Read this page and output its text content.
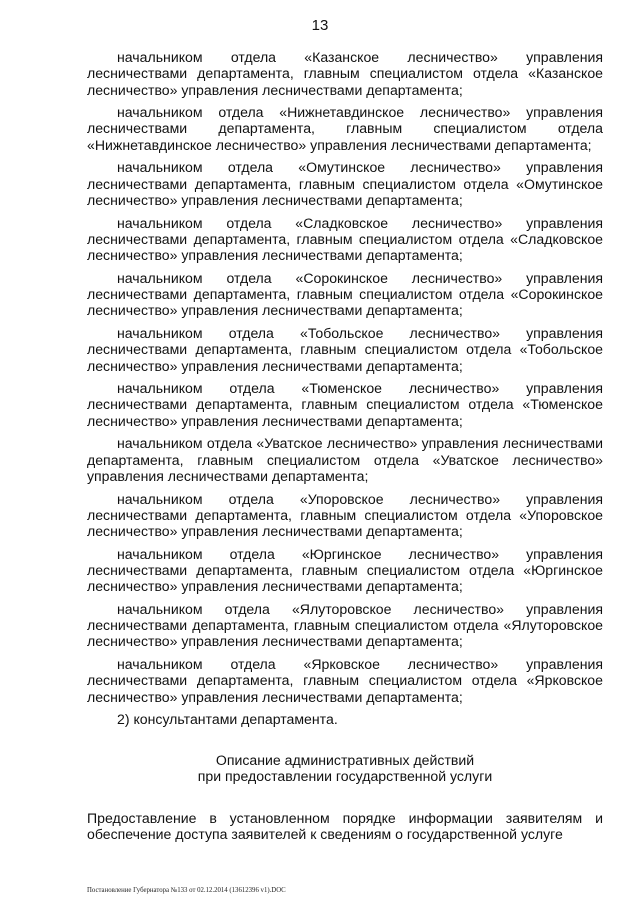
13

начальником отдела «Казанское лесничество» управления лесничествами департамента, главным специалистом отдела «Казанское лесничество» управления лесничествами департамента;

начальником отдела «Нижнетавдинское лесничество» управления лесничествами департамента, главным специалистом отдела «Нижнетавдинское лесничество» управления лесничествами департамента;

начальником отдела «Омутинское лесничество» управления лесничествами департамента, главным специалистом отдела «Омутинское лесничество» управления лесничествами департамента;

начальником отдела «Сладковское лесничество» управления лесничествами департамента, главным специалистом отдела «Сладковское лесничество» управления лесничествами департамента;

начальником отдела «Сорокинское лесничество» управления лесничествами департамента, главным специалистом отдела «Сорокинское лесничество» управления лесничествами департамента;

начальником отдела «Тобольское лесничество» управления лесничествами департамента, главным специалистом отдела «Тобольское лесничество» управления лесничествами департамента;

начальником отдела «Тюменское лесничество» управления лесничествами департамента, главным специалистом отдела «Тюменское лесничество» управления лесничествами департамента;

начальником отдела «Уватское лесничество» управления лесничествами департамента, главным специалистом отдела «Уватское лесничество» управления лесничествами департамента;

начальником отдела «Упоровское лесничество» управления лесничествами департамента, главным специалистом отдела «Упоровское лесничество» управления лесничествами департамента;

начальником отдела «Юргинское лесничество» управления лесничествами департамента, главным специалистом отдела «Юргинское лесничество» управления лесничествами департамента;

начальником отдела «Ялуторовское лесничество» управления лесничествами департамента, главным специалистом отдела «Ялуторовское лесничество» управления лесничествами департамента;

начальником отдела «Ярковское лесничество» управления лесничествами департамента, главным специалистом отдела «Ярковское лесничество» управления лесничествами департамента;

2) консультантами департамента.

Описание административных действий
при предоставлении государственной услуги

Предоставление в установленном порядке информации заявителям и обеспечение доступа заявителей к сведениям о государственной услуге

Постановление Губернатора №133 от 02.12.2014 (13612396 v1).DOC
